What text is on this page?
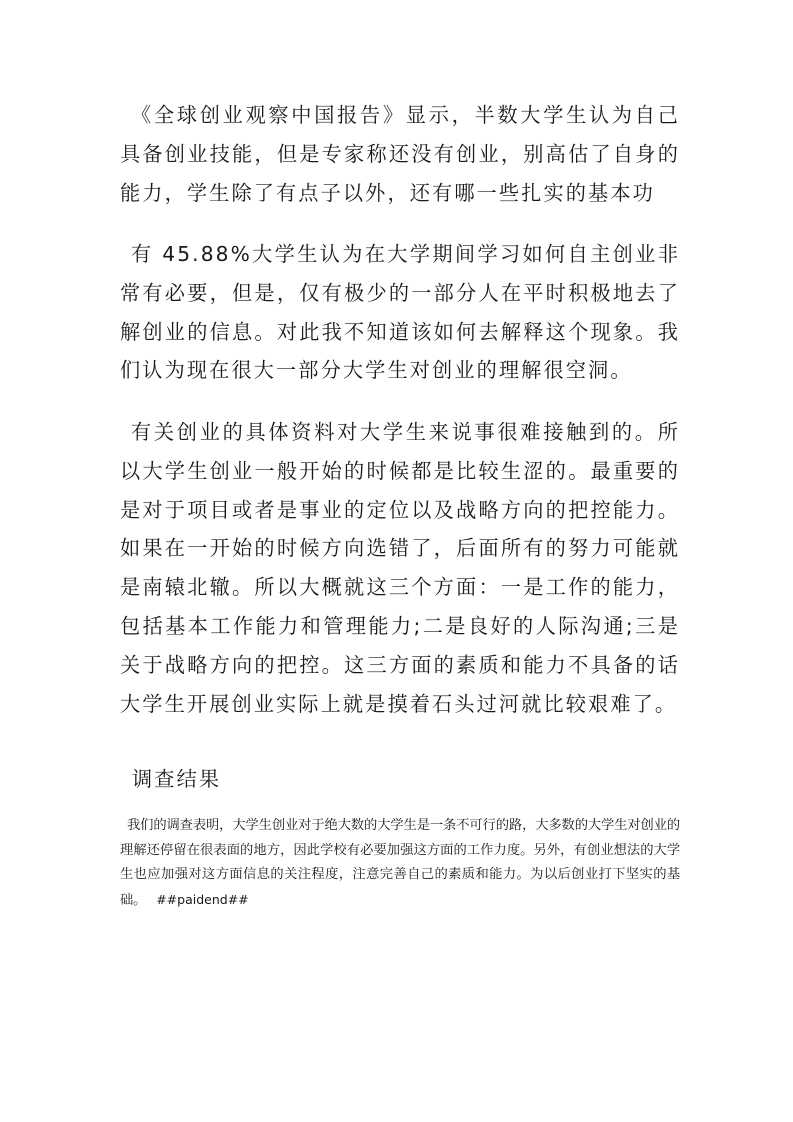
《全球创业观察中国报告》显示，半数大学生认为自己具备创业技能，但是专家称还没有创业，别高估了自身的能力，学生除了有点子以外，还有哪一些扎实的基本功

有 45.88%大学生认为在大学期间学习如何自主创业非常有必要，但是，仅有极少的一部分人在平时积极地去了解创业的信息。对此我不知道该如何去解释这个现象。我们认为现在很大一部分大学生对创业的理解很空洞。

有关创业的具体资料对大学生来说事很难接触到的。所以大学生创业一般开始的时候都是比较生涩的。最重要的是对于项目或者是事业的定位以及战略方向的把控能力。如果在一开始的时候方向选错了，后面所有的努力可能就是南辕北辙。所以大概就这三个方面：一是工作的能力，包括基本工作能力和管理能力;二是良好的人际沟通;三是关于战略方向的把控。这三方面的素质和能力不具备的话大学生开展创业实际上就是摸着石头过河就比较艰难了。

调查结果

我们的调查表明，大学生创业对于绝大数的大学生是一条不可行的路，大多数的大学生对创业的理解还停留在很表面的地方，因此学校有必要加强这方面的工作力度。另外，有创业想法的大学生也应加强对这方面信息的关注程度，注意完善自己的素质和能力。为以后创业打下坚实的基础。 ##paidend##
